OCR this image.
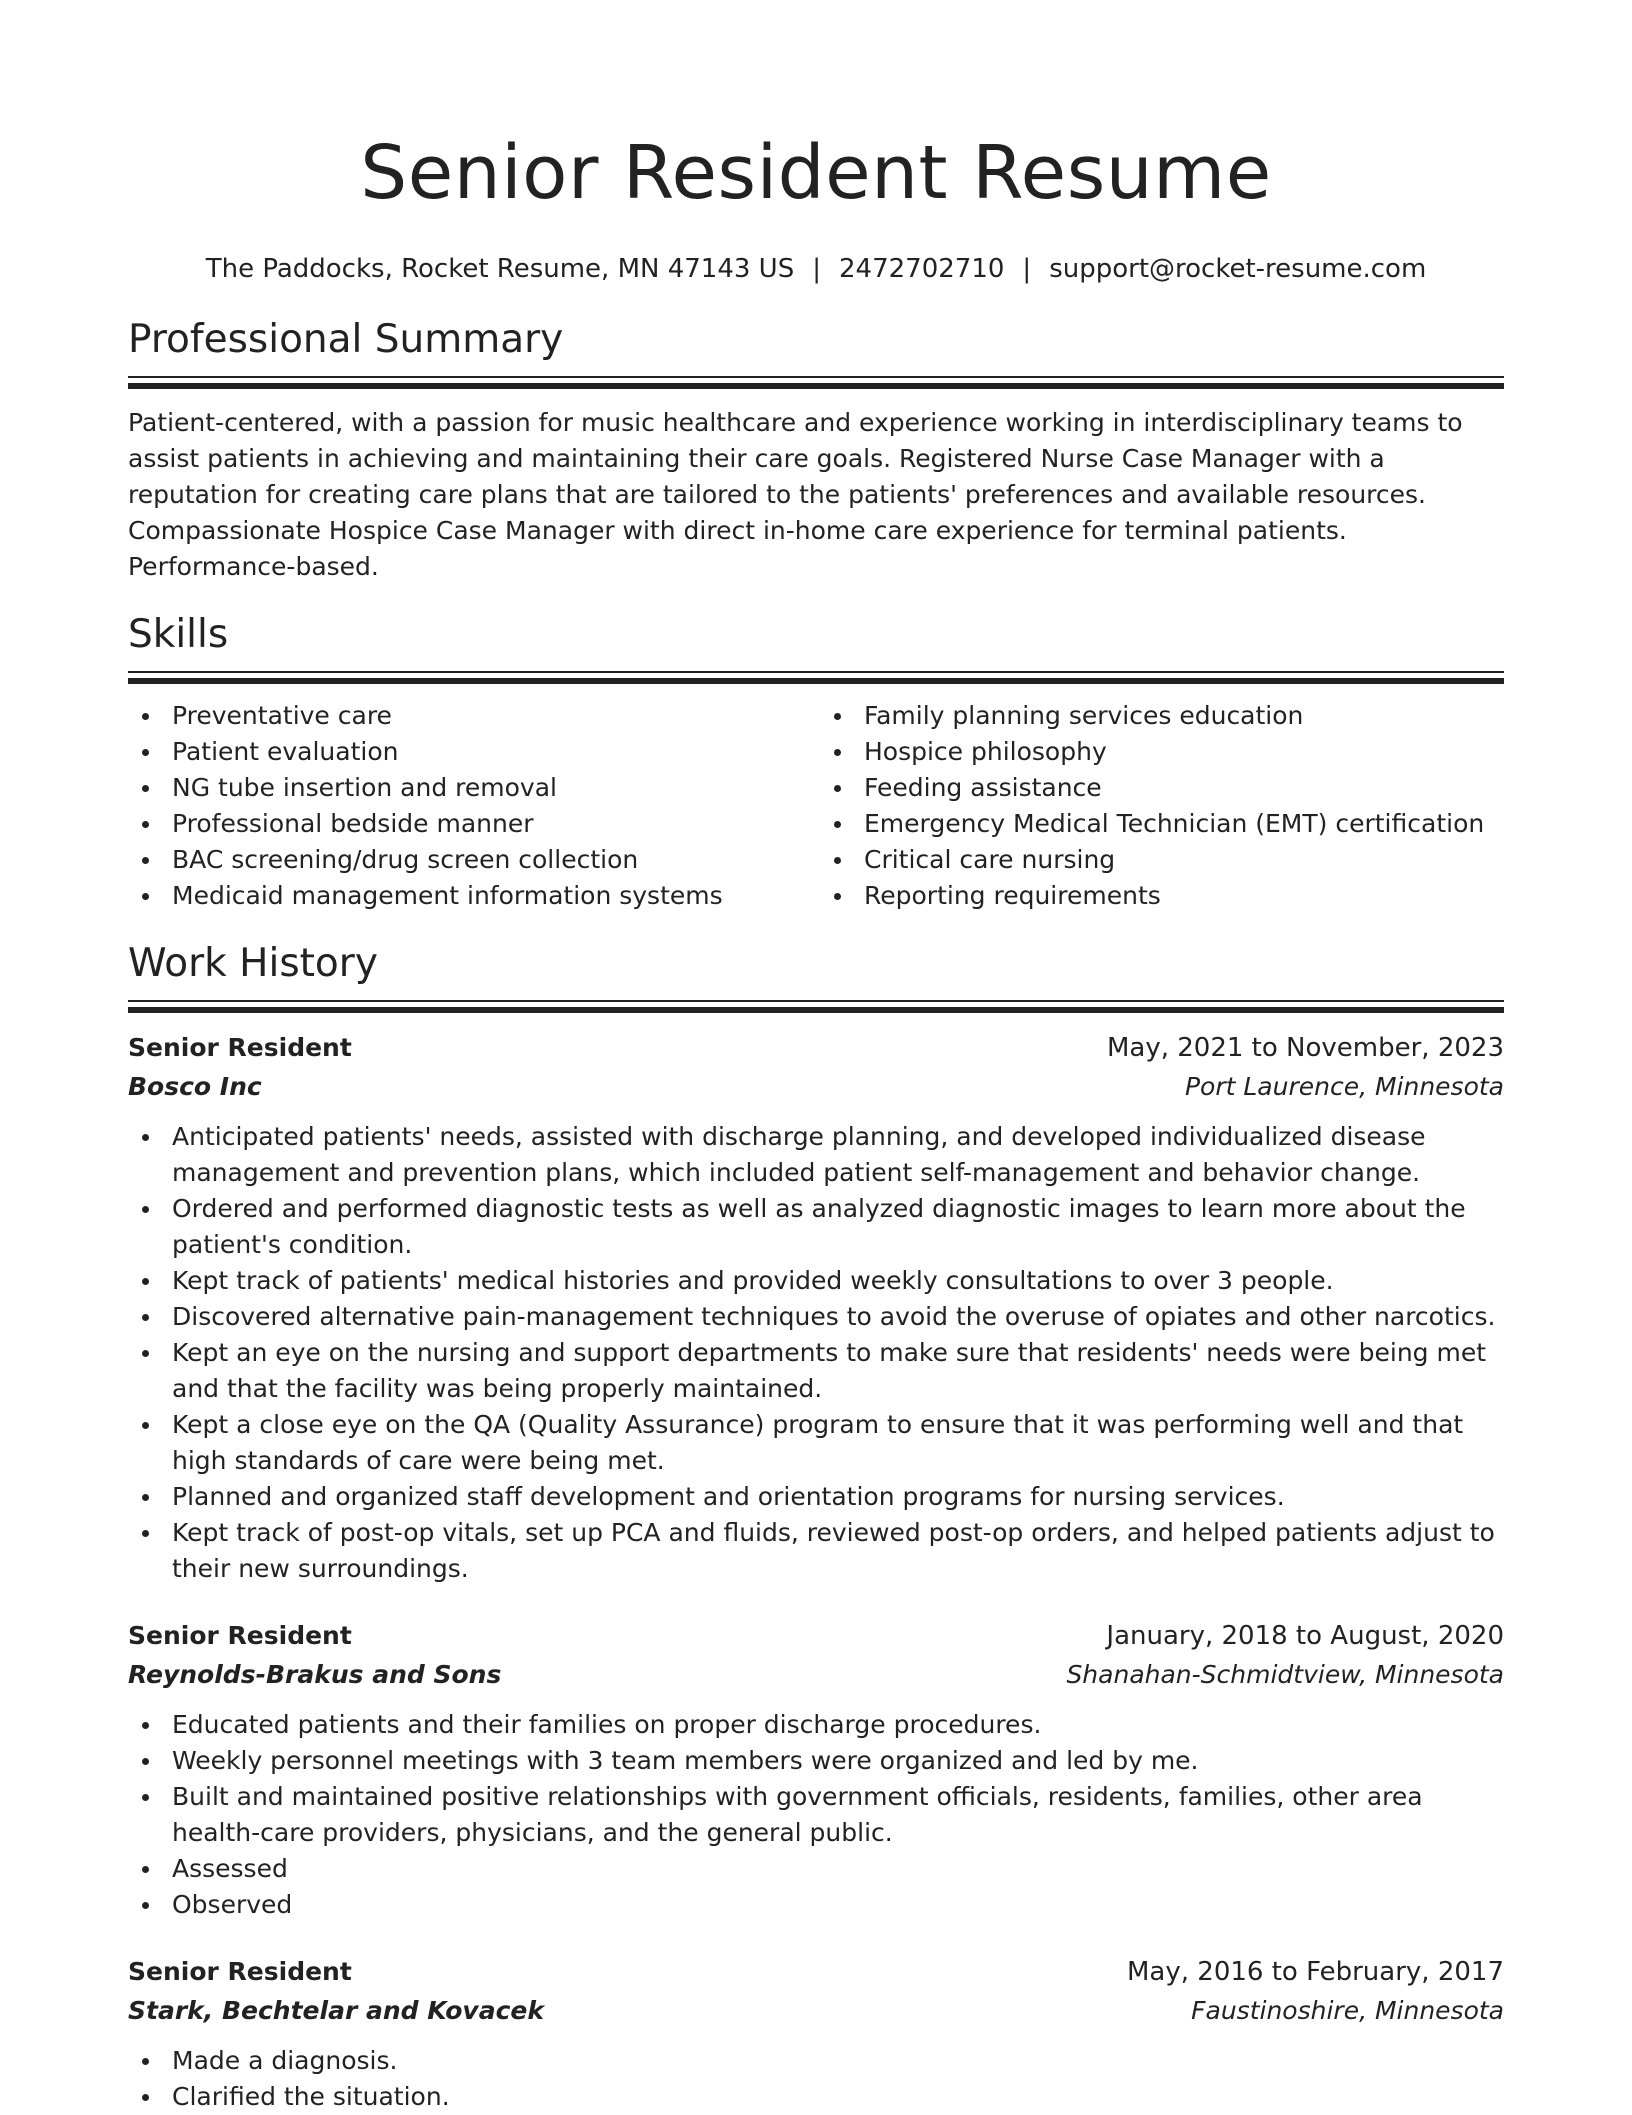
Senior Resident Resume
The Paddocks, Rocket Resume, MN 47143 US | 2472702710 | support@rocket-resume.com
Professional Summary

Patient-centered, with a passion for music healthcare and experience working in interdisciplinary teams to assist patients in achieving and maintaining their care goals. Registered Nurse Case Manager with a reputation for creating care plans that are tailored to the patients' preferences and available resources. Compassionate Hospice Case Manager with direct in-home care experience for terminal patients. Performance-based.

Skills
Preventative care
Patient evaluation
NG tube insertion and removal
Professional bedside manner
BAC screening/drug screen collection
Medicaid management information systems
Family planning services education
Hospice philosophy
Feeding assistance
Emergency Medical Technician (EMT) certification
Critical care nursing
Reporting requirements
Work History
Senior Resident	May, 2021 to November, 2023
Bosco Inc	Port Laurence, Minnesota
Anticipated patients' needs, assisted with discharge planning, and developed individualized disease management and prevention plans, which included patient self-management and behavior change.
Ordered and performed diagnostic tests as well as analyzed diagnostic images to learn more about the patient's condition.
Kept track of patients' medical histories and provided weekly consultations to over 3 people.
Discovered alternative pain-management techniques to avoid the overuse of opiates and other narcotics.
Kept an eye on the nursing and support departments to make sure that residents' needs were being met and that the facility was being properly maintained.
Kept a close eye on the QA (Quality Assurance) program to ensure that it was performing well and that high standards of care were being met.
Planned and organized staff development and orientation programs for nursing services.
Kept track of post-op vitals, set up PCA and fluids, reviewed post-op orders, and helped patients adjust to their new surroundings.
Senior Resident	January, 2018 to August, 2020
Reynolds-Brakus and Sons	Shanahan-Schmidtview, Minnesota
Educated patients and their families on proper discharge procedures.
Weekly personnel meetings with 3 team members were organized and led by me.
Built and maintained positive relationships with government officials, residents, families, other area health-care providers, physicians, and the general public.
Assessed
Observed
Senior Resident	May, 2016 to February, 2017
Stark, Bechtelar and Kovacek	Faustinoshire, Minnesota
Made a diagnosis.
Clarified the situation.
